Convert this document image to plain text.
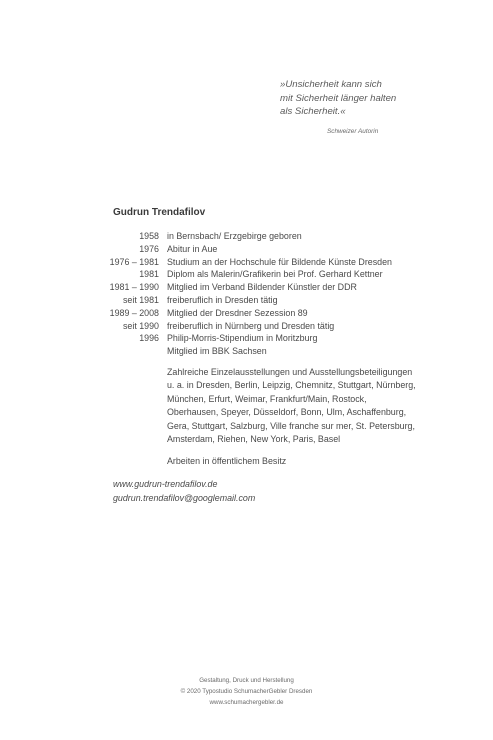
»Unsicherheit kann sich
mit Sicherheit länger halten
als Sicherheit.«
Schweizer Autorin
Gudrun Trendafilov
1958 in Bernsbach/ Erzgebirge geboren
1976 Abitur in Aue
1976 – 1981 Studium an der Hochschule für Bildende Künste Dresden
1981 Diplom als Malerin/Grafikerin bei Prof. Gerhard Kettner
1981 – 1990 Mitglied im Verband Bildender Künstler der DDR
seit 1981 freiberuflich in Dresden tätig
1989 – 2008 Mitglied der Dresdner Sezession 89
seit 1990 freiberuflich in Nürnberg und Dresden tätig
1996 Philip-Morris-Stipendium in Moritzburg
Mitglied im BBK Sachsen
Zahlreiche Einzelausstellungen und Ausstellungsbeteiligungen
u. a. in Dresden, Berlin, Leipzig, Chemnitz, Stuttgart, Nürnberg,
München, Erfurt, Weimar, Frankfurt/Main, Rostock,
Oberhausen, Speyer, Düsseldorf, Bonn, Ulm, Aschaffenburg,
Gera, Stuttgart, Salzburg, Ville franche sur mer, St. Petersburg,
Amsterdam, Riehen, New York, Paris, Basel
Arbeiten in öffentlichem Besitz
www.gudrun-trendafilov.de
gudrun.trendafilov@googlemail.com
Gestaltung, Druck und Herstellung
© 2020 Typostudio SchumacherGebler Dresden
www.schumachergebler.de
